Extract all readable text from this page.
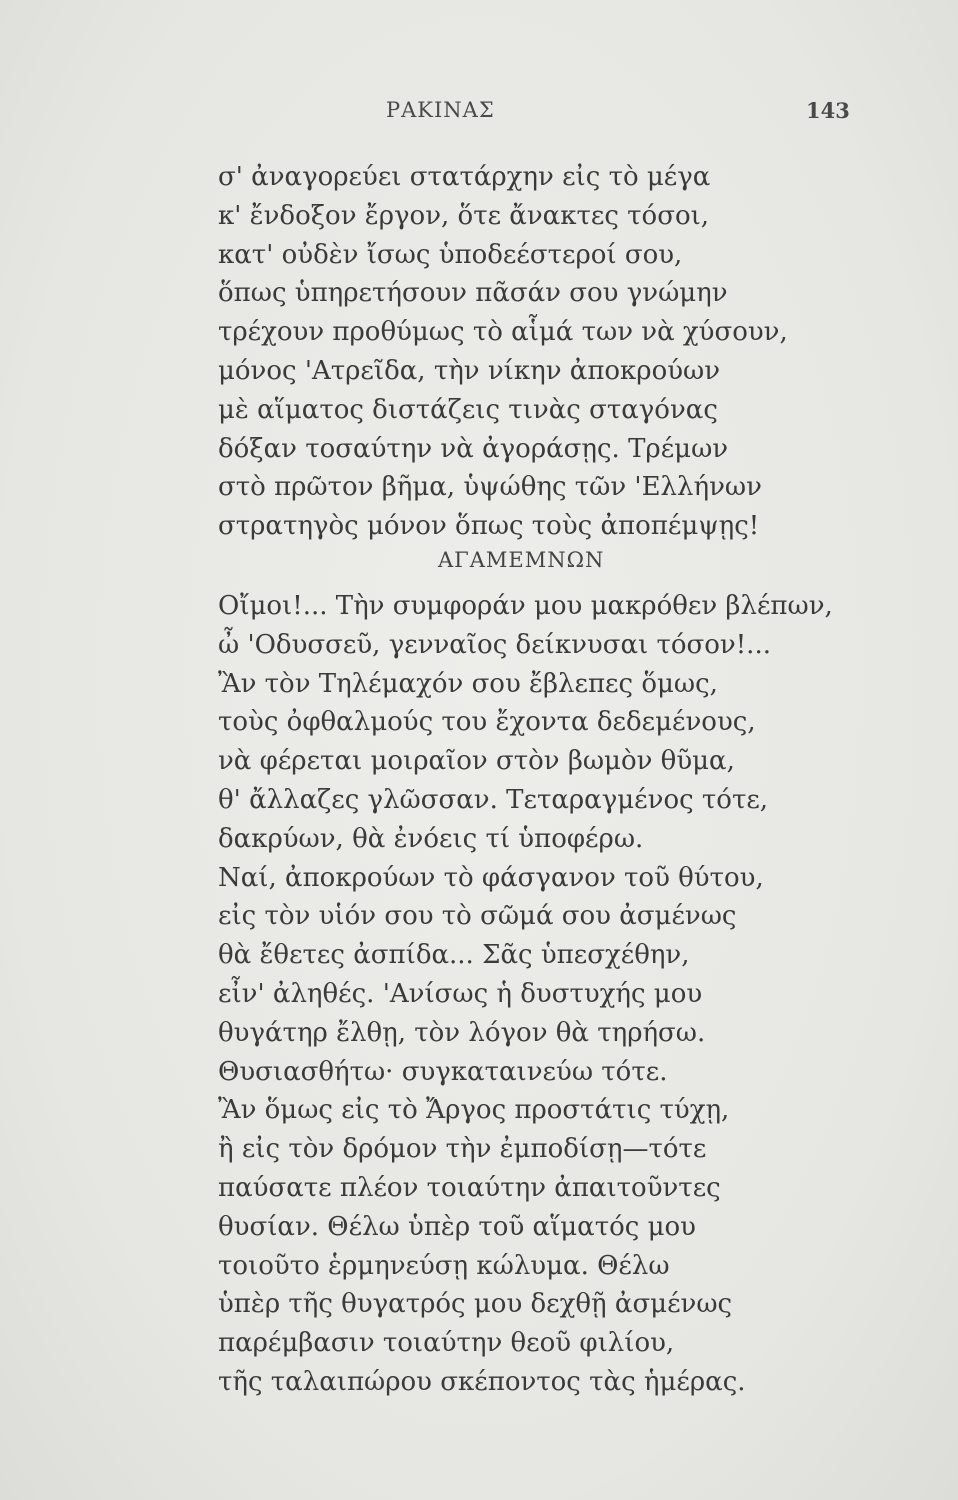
ΡΑΚΙΝΑΣ	143
σ' ἀναγορεύει στατάρχην εἰς τὸ μέγα
κ' ἔνδοξον ἔργον, ὅτε ἄνακτες τόσοι,
κατ' οὐδὲν ἴσως ὑποδεέστεροί σου,
ὅπως ὑπηρετήσουν πᾶσάν σου γνώμην
τρέχουν προθύμως τὸ αἷμά των νὰ χύσουν,
μόνος 'Ατρεῖδα, τὴν νίκην ἀποκρούων
μὲ αἵματος διστάζεις τινὰς σταγόνας
δόξαν τοσαύτην νὰ ἀγοράσῃς. Τρέμων
στὸ πρῶτον βῆμα, ὑψώθης τῶν 'Ελλήνων
στρατηγὸς μόνον ὅπως τοὺς ἀποπέμψῃς!
ΑΓΑΜΕΜΝΩΝ
Οἴμοι!... Τὴν συμφοράν μου μακρόθεν βλέπων,
ὦ 'Οδυσσεῦ, γενναῖος δείκνυσαι τόσον!...
Ἂν τὸν Τηλέμαχόν σου ἔβλεπες ὅμως,
τοὺς ὀφθαλμούς του ἔχοντα δεδεμένους,
νὰ φέρεται μοιραῖον στὸν βωμὸν θῦμα,
θ' ἄλλαζες γλῶσσαν. Τεταραγμένος τότε,
δακρύων, θὰ ἐνόεις τί ὑποφέρω.
Ναί, ἀποκρούων τὸ φάσγανον τοῦ θύτου,
εἰς τὸν υἱόν σου τὸ σῶμά σου ἀσμένως
θὰ ἔθετες ἀσπίδα... Σᾶς ὑπεσχέθην,
εἶν' ἀληθές. 'Ανίσως ἡ δυστυχής μου
θυγάτηρ ἔλθῃ, τὸν λόγον θὰ τηρήσω.
Θυσιασθήτω· συγκαταινεύω τότε.
Ἂν ὅμως εἰς τὸ Ἄργος προστάτις τύχῃ,
ἢ εἰς τὸν δρόμον τὴν ἐμποδίσῃ—τότε
παύσατε πλέον τοιαύτην ἀπαιτοῦντες
θυσίαν. Θέλω ὑπὲρ τοῦ αἵματός μου
τοιοῦτο ἑρμηνεύσῃ κώλυμα. Θέλω
ὑπὲρ τῆς θυγατρός μου δεχθῇ ἀσμένως
παρέμβασιν τοιαύτην θεοῦ φιλίου,
τῆς ταλαιπώρου σκέποντος τὰς ἡμέρας.
